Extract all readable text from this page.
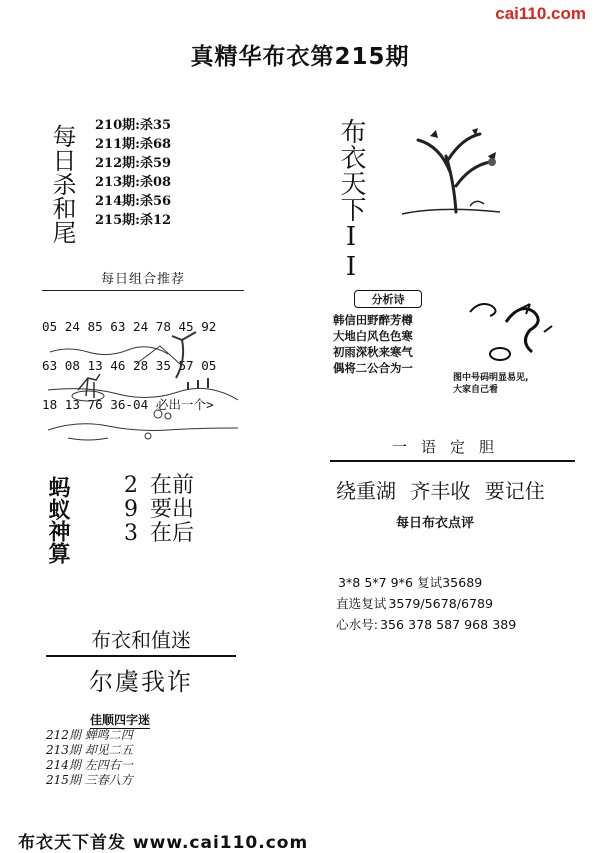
cai110.com
真精华布衣第215期
每日杀和尾 210期:杀35
211期:杀68
212期:杀59
213期:杀08
214期:杀56
215期:杀12
每日组合推荐

05 24 85 63 24 78 45 92

63 08 13 46 28 35 57 05

18 13 76 36-04 必出一个>

蚂蚁神算 2 在前
9 要出
3 在后
布衣和值迷
尔虞我诈
佳顺四字迷
212期 蝉鸣二四
213期 却见二五
214期 左四右一
215期 三春八方
布衣天下首发 www.cai110.com
布衣天下II
分析诗
韩信田野醉芳樽
大地白风色色寒
初雨深秋来寒气
偶将二公合为一
图中号码明显易见,
大家自己看
一语定胆
绕重湖 齐丰收 要记住
每日布衣点评
3*8 5*7 9*6 复试35689
直选复试 3579/5678/6789
心水号: 356 378 587 968 389
